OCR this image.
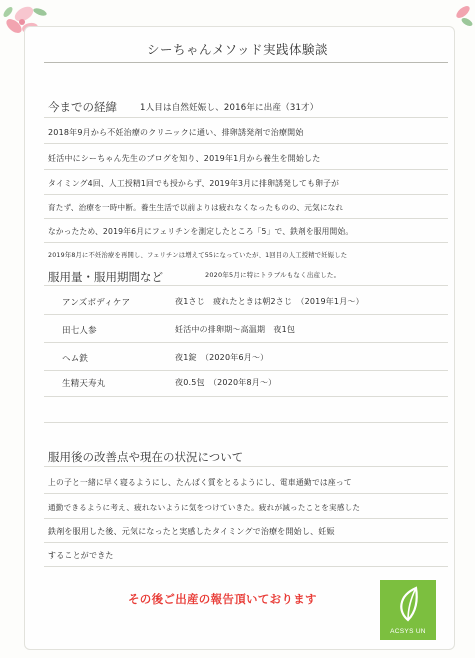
シーちゃんメソッド実践体験談
今までの経緯	1人目は自然妊娠し、2016年に出産（31才）
2018年9月から不妊治療のクリニックに通い、排卵誘発剤で治療開始
妊活中にシーちゃん先生のブログを知り、2019年1月から養生を開始した
タイミング4回、人工授精1回でも授からず、2019年3月に排卵誘発しても卵子が
育たず、治療を一時中断。養生生活で以前よりは疲れなくなったものの、元気になれ
なかったため、2019年6月にフェリチンを測定したところ「5」で、鉄剤を服用開始。
2019年8月に不妊治療を再開し、フェリチンは増えて55になっていたが、1回目の人工授精で妊娠した
2020年5月に特にトラブルもなく出産した。
服用量・服用期間など
アンズボディケア	夜1さじ　疲れたときは朝2さじ　（2019年1月〜）
田七人参	妊活中の排卵期〜高温期　夜1包
ヘム鉄	夜1錠　（2020年6月〜）
生精天寿丸	夜0.5包　（2020年8月〜）
服用後の改善点や現在の状況について
上の子と一緒に早く寝るようにし、たんぱく質をとるようにし、電車通勤では座って
通勤できるように考え、疲れないように気をつけていきた。疲れが減ったことを実感した
鉄剤を服用した後、元気になったと実感したタイミングで治療を開始し、妊娠
することができた
その後ご出産の報告頂いております
ACSYS UN
